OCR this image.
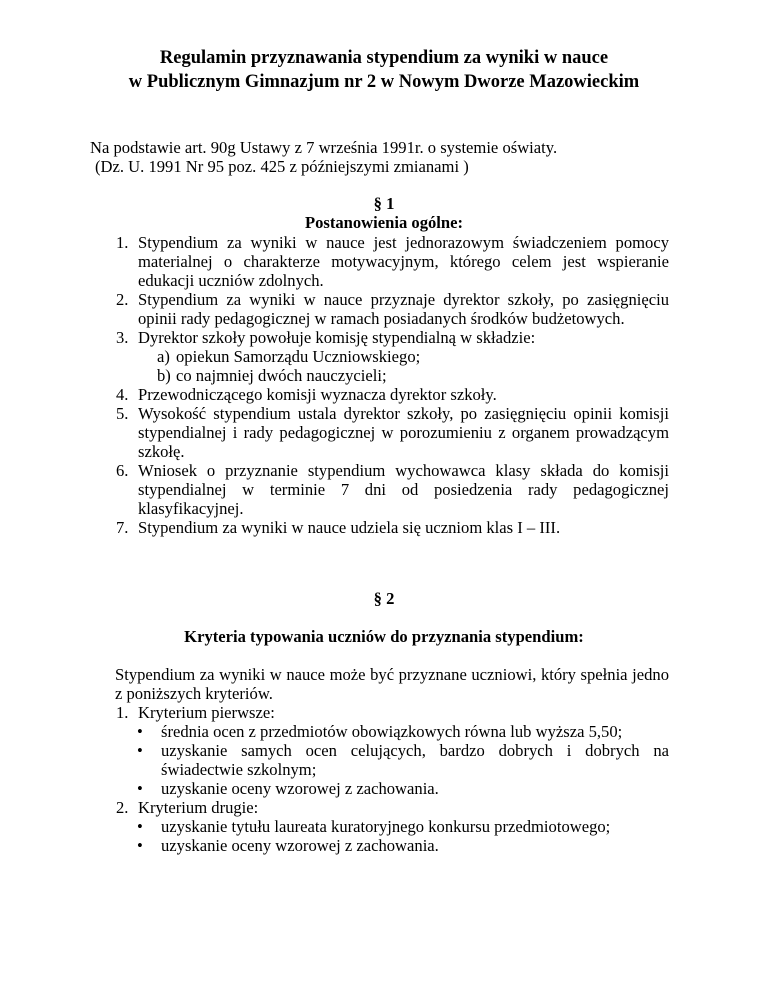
Regulamin przyznawania stypendium za wyniki w nauce
w Publicznym Gimnazjum nr 2 w Nowym Dworze Mazowieckim
Na podstawie art. 90g Ustawy z 7 września 1991r. o systemie oświaty.
(Dz. U. 1991 Nr 95 poz. 425 z późniejszymi zmianami )
§ 1
Postanowienia ogólne:
1. Stypendium za wyniki w nauce jest jednorazowym świadczeniem pomocy materialnej o charakterze motywacyjnym, którego celem jest wspieranie edukacji uczniów zdolnych.
2. Stypendium za wyniki w nauce przyznaje dyrektor szkoły, po zasięgnięciu opinii rady pedagogicznej w ramach posiadanych środków budżetowych.
3. Dyrektor szkoły powołuje komisję stypendialną w składzie:
a) opiekun Samorządu Uczniowskiego;
b) co najmniej dwóch nauczycieli;
4. Przewodniczącego komisji wyznacza dyrektor szkoły.
5. Wysokość stypendium ustala dyrektor szkoły, po zasięgnięciu opinii komisji stypendialnej i rady pedagogicznej w porozumieniu z organem prowadzącym szkołę.
6. Wniosek o przyznanie stypendium wychowawca klasy składa do komisji stypendialnej w terminie 7 dni od posiedzenia rady pedagogicznej klasyfikacyjnej.
7. Stypendium za wyniki w nauce udziela się uczniom klas I – III.
§ 2
Kryteria typowania uczniów do przyznania stypendium:
Stypendium za wyniki w nauce może być przyznane uczniowi, który spełnia jedno z poniższych kryteriów.
1. Kryterium pierwsze:
• średnia ocen z przedmiotów obowiązkowych równa lub wyższa 5,50;
• uzyskanie samych ocen celujących, bardzo dobrych i dobrych na świadectwie szkolnym;
• uzyskanie oceny wzorowej z zachowania.
2. Kryterium drugie:
• uzyskanie tytułu laureata kuratoryjnego konkursu przedmiotowego;
• uzyskanie oceny wzorowej z zachowania.
